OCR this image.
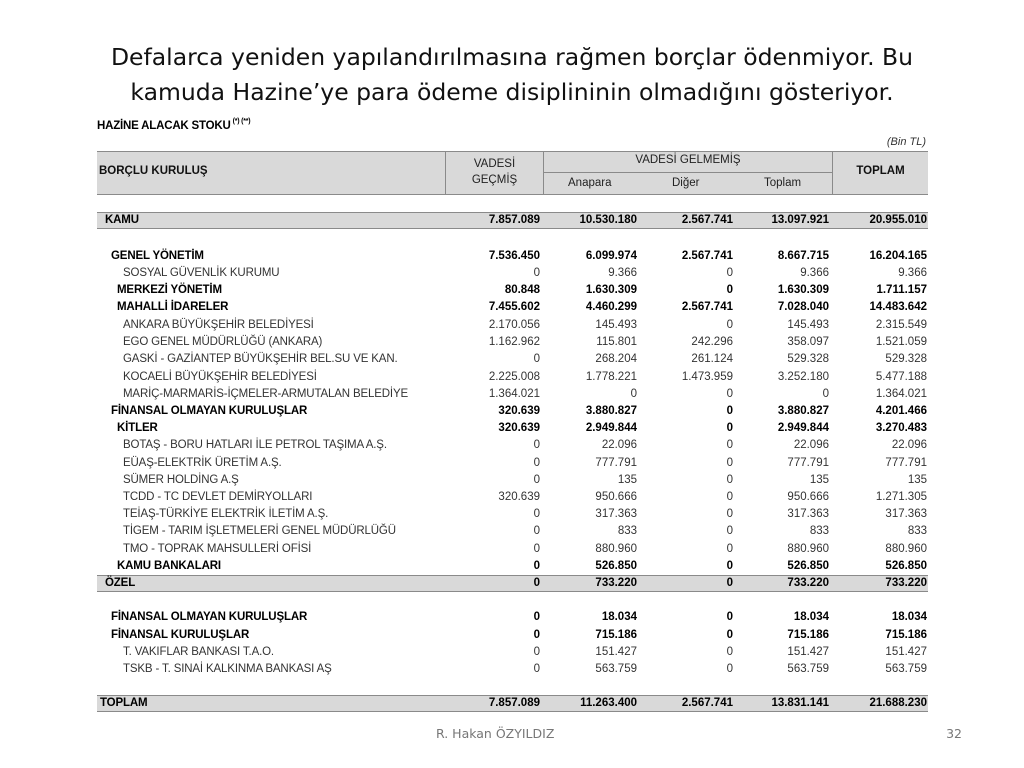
Defalarca yeniden yapılandırılmasına rağmen borçlar ödenmiyor. Bu
kamuda Hazine’ye para ödeme disiplininin olmadığını gösteriyor.
HAZİNE ALACAK STOKU (*) (**)
(Bin TL)
BORÇLU KURULUŞ
VADESİ
GEÇMİŞ
VADESİ GELMEMİŞ
Anapara	Diğer	Toplam
TOPLAM
KAMU	7.857.089	10.530.180	2.567.741	13.097.921	20.955.010
GENEL YÖNETİM	7.536.450	6.099.974	2.567.741	8.667.715	16.204.165
SOSYAL GÜVENLİK KURUMU	0	9.366	0	9.366	9.366
MERKEZİ YÖNETİM	80.848	1.630.309	0	1.630.309	1.711.157
MAHALLİ İDARELER	7.455.602	4.460.299	2.567.741	7.028.040	14.483.642
ANKARA BÜYÜKŞEHİR BELEDİYESİ	2.170.056	145.493	0	145.493	2.315.549
EGO GENEL MÜDÜRLÜĞÜ (ANKARA)	1.162.962	115.801	242.296	358.097	1.521.059
GASKİ - GAZİANTEP BÜYÜKŞEHİR BEL.SU VE KAN.	0	268.204	261.124	529.328	529.328
KOCAELİ BÜYÜKŞEHİR BELEDİYESİ	2.225.008	1.778.221	1.473.959	3.252.180	5.477.188
MARİÇ-MARMARİS-İÇMELER-ARMUTALAN BELEDİYE	1.364.021	0	0	0	1.364.021
FİNANSAL OLMAYAN KURULUŞLAR	320.639	3.880.827	0	3.880.827	4.201.466
KİTLER	320.639	2.949.844	0	2.949.844	3.270.483
BOTAŞ - BORU HATLARI İLE PETROL TAŞIMA A.Ş.	0	22.096	0	22.096	22.096
EÜAŞ-ELEKTRİK ÜRETİM A.Ş.	0	777.791	0	777.791	777.791
SÜMER HOLDİNG A.Ş	0	135	0	135	135
TCDD - TC DEVLET DEMİRYOLLARI	320.639	950.666	0	950.666	1.271.305
TEİAŞ-TÜRKİYE ELEKTRİK İLETİM A.Ş.	0	317.363	0	317.363	317.363
TİGEM - TARIM İŞLETMELERİ GENEL MÜDÜRLÜĞÜ	0	833	0	833	833
TMO - TOPRAK MAHSULLERİ OFİSİ	0	880.960	0	880.960	880.960
KAMU BANKALARI	0	526.850	0	526.850	526.850
ÖZEL	0	733.220	0	733.220	733.220
FİNANSAL OLMAYAN KURULUŞLAR	0	18.034	0	18.034	18.034
FİNANSAL KURULUŞLAR	0	715.186	0	715.186	715.186
T. VAKIFLAR BANKASI T.A.O.	0	151.427	0	151.427	151.427
TSKB - T. SINAİ KALKINMA BANKASI AŞ	0	563.759	0	563.759	563.759
TOPLAM	7.857.089	11.263.400	2.567.741	13.831.141	21.688.230
R. Hakan ÖZYILDIZ	32
